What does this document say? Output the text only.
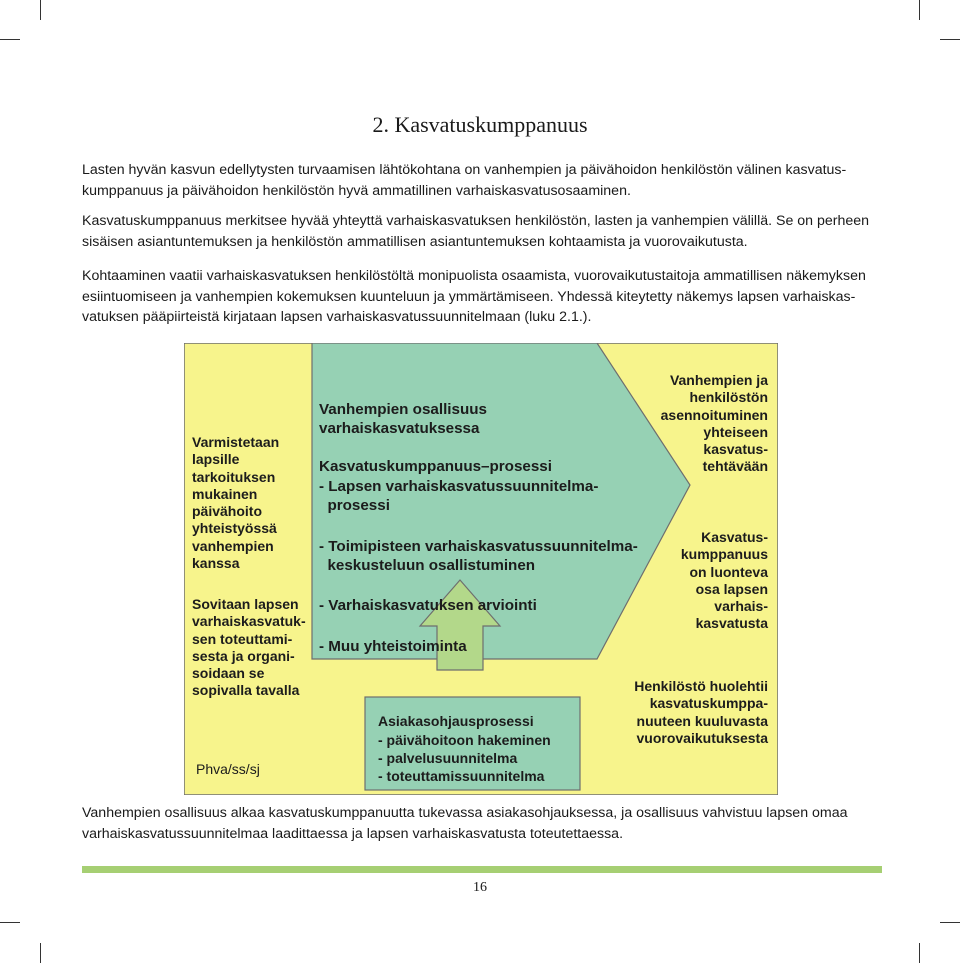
2. Kasvatuskumppanuus

Lasten hyvän kasvun edellytysten turvaamisen lähtökohtana on vanhempien ja päivähoidon henkilöstön välinen kasvatus-
kumppanuus ja päivähoidon henkilöstön hyvä ammatillinen varhaiskasvatusosaaminen.

Kasvatuskumppanuus merkitsee hyvää yhteyttä varhaiskasvatuksen henkilöstön, lasten ja vanhempien välillä. Se on perheen
sisäisen asiantuntemuksen ja henkilöstön ammatillisen asiantuntemuksen kohtaamista ja vuorovaikutusta.

Kohtaaminen vaatii varhaiskasvatuksen henkilöstöltä monipuolista osaamista, vuorovaikutustaitoja ammatillisen näkemyksen
esiintuomiseen ja vanhempien kokemuksen kuunteluun ja ymmärtämiseen. Yhdessä kiteytetty näkemys lapsen varhaiskas-
vatuksen pääpiirteistä kirjataan lapsen varhaiskasvatussuunnitelmaan (luku 2.1.).

Varmistetaan
lapsille
tarkoituksen
mukainen
päivähoito
yhteistyössä
vanhempien
kanssa
Sovitaan lapsen
varhaiskasvatuk-
sen toteuttami-
sesta ja organi-
soidaan se
sopivalla tavalla
Phva/ss/sj
Vanhempien osallisuus
varhaiskasvatuksessa
Kasvatuskumppanuus–prosessi
- Lapsen varhaiskasvatussuunnitelma-
prosessi
- Toimipisteen varhaiskasvatussuunnitelma-
keskusteluun osallistuminen
- Varhaiskasvatuksen arviointi
- Muu yhteistoiminta
Asiakasohjausprosessi
- päivähoitoon hakeminen
- palvelusuunnitelma
- toteuttamissuunnitelma
Vanhempien ja
henkilöstön
asennoituminen
yhteiseen
kasvatus-
tehtävään
Kasvatus-
kumppanuus
on luonteva
osa lapsen
varhais-
kasvatusta
Henkilöstö huolehtii
kasvatuskumppa-
nuuteen kuuluvasta
vuorovaikutuksesta

Vanhempien osallisuus alkaa kasvatuskumppanuutta tukevassa asiakasohjauksessa, ja osallisuus vahvistuu lapsen omaa
varhaiskasvatussuunnitelmaa laadittaessa ja lapsen varhaiskasvatusta toteutettaessa.

16
